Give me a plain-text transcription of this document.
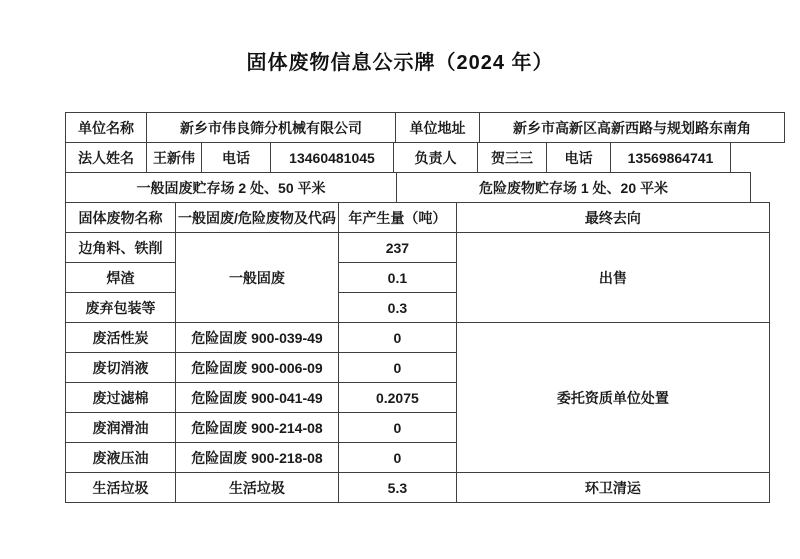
固体废物信息公示牌（2024 年）
单位名称	新乡市伟良筛分机械有限公司	单位地址	新乡市高新区高新西路与规划路东南角
法人姓名	王新伟	电话	13460481045	负责人	贺三三	电话	13569864741
一般固废贮存场 2 处、50 平米	危险废物贮存场 1 处、20 平米
固体废物名称	一般固废/危险废物及代码	年产生量（吨）	最终去向
边角料、铁削	一般固废	237	出售
焊渣		0.1	
废弃包装等		0.3	
废活性炭	危险固废 900-039-49	0	委托资质单位处置
废切消液	危险固废 900-006-09	0	
废过滤棉	危险固废 900-041-49	0.2075	
废润滑油	危险固废 900-214-08	0	
废液压油	危险固废 900-218-08	0	
生活垃圾	生活垃圾	5.3	环卫清运
